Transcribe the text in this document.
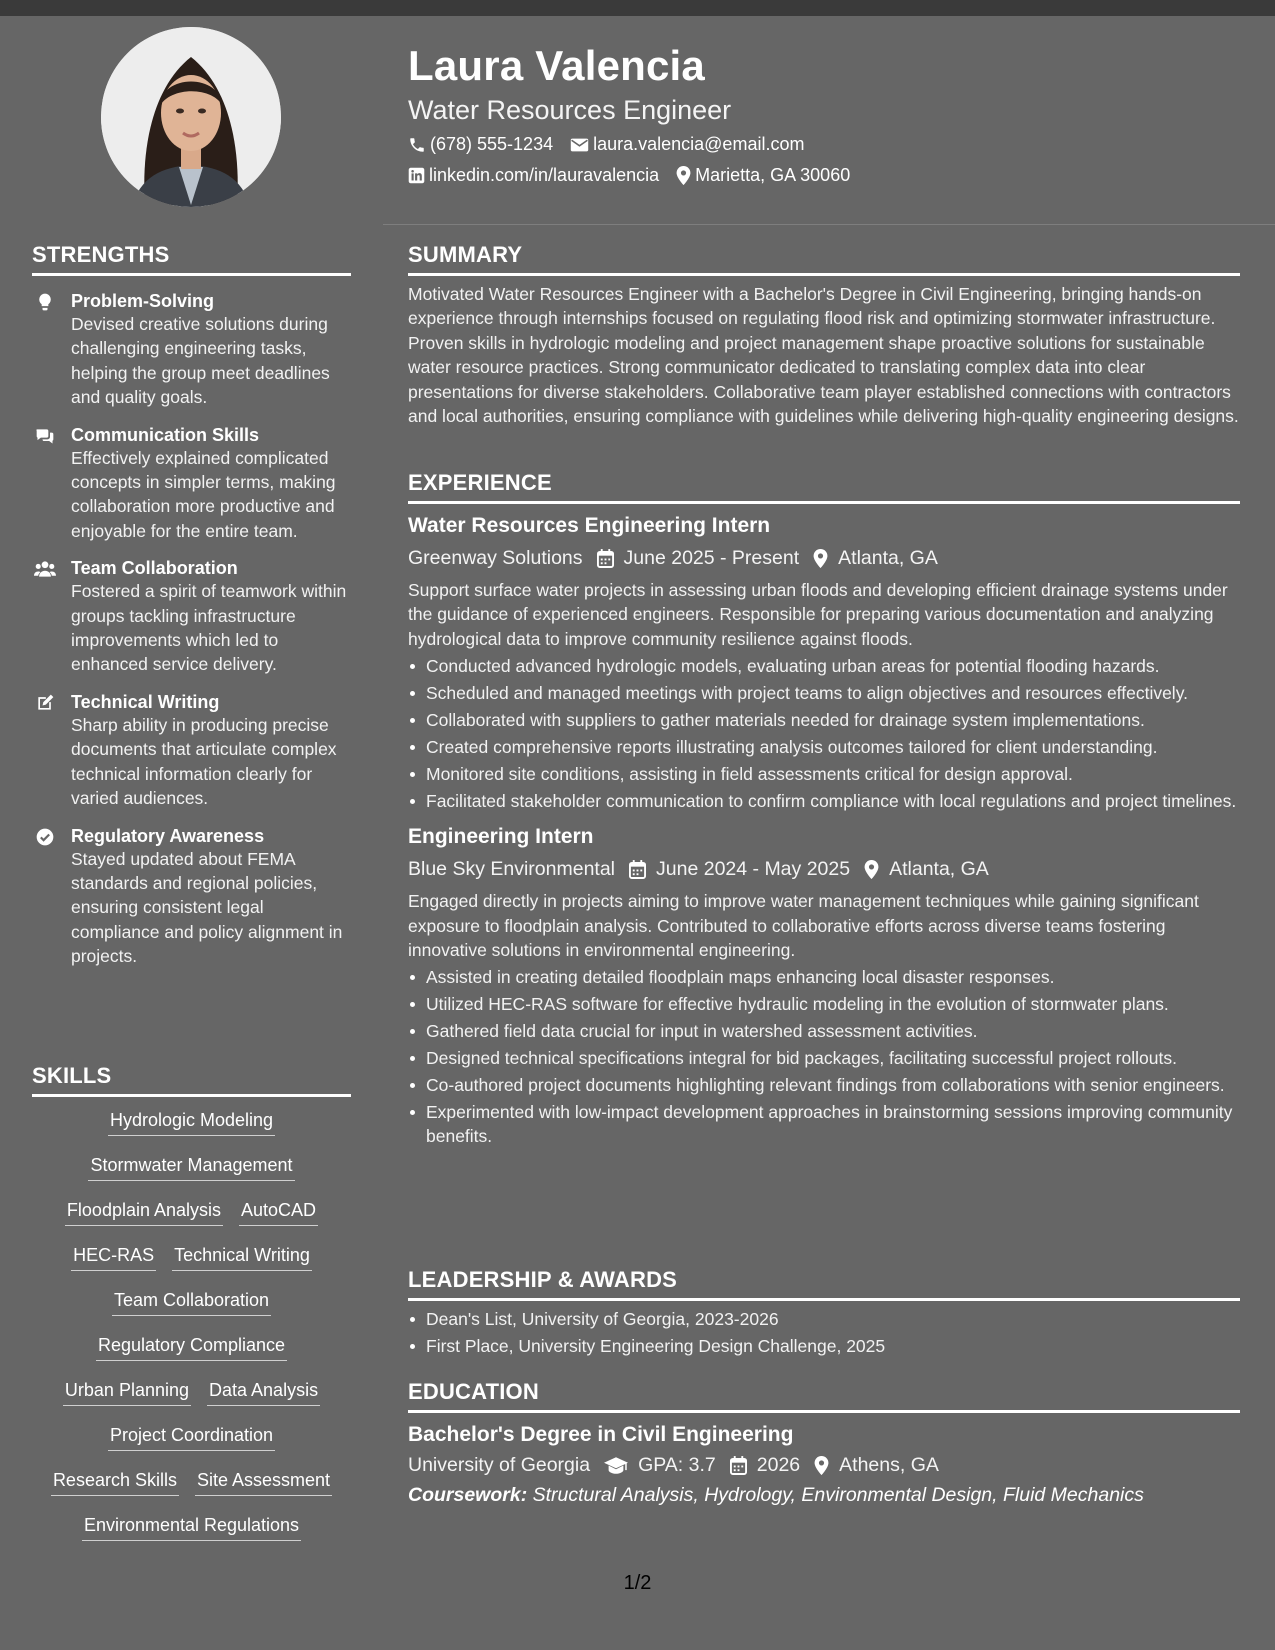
Laura Valencia
Water Resources Engineer
(678) 555-1234 laura.valencia@email.com
linkedin.com/in/lauravalencia Marietta, GA 30060
STRENGTHS
Problem-Solving
Devised creative solutions during challenging engineering tasks, helping the group meet deadlines and quality goals.
Communication Skills
Effectively explained complicated concepts in simpler terms, making collaboration more productive and enjoyable for the entire team.
Team Collaboration
Fostered a spirit of teamwork within groups tackling infrastructure improvements which led to enhanced service delivery.
Technical Writing
Sharp ability in producing precise documents that articulate complex technical information clearly for varied audiences.
Regulatory Awareness
Stayed updated about FEMA standards and regional policies, ensuring consistent legal compliance and policy alignment in projects.
SKILLS
Hydrologic Modeling
Stormwater Management
Floodplain Analysis AutoCAD
HEC-RAS Technical Writing
Team Collaboration
Regulatory Compliance
Urban Planning Data Analysis
Project Coordination
Research Skills Site Assessment
Environmental Regulations
SUMMARY

Motivated Water Resources Engineer with a Bachelor's Degree in Civil Engineering, bringing hands-on experience through internships focused on regulating flood risk and optimizing stormwater infrastructure. Proven skills in hydrologic modeling and project management shape proactive solutions for sustainable water resource practices. Strong communicator dedicated to translating complex data into clear presentations for diverse stakeholders. Collaborative team player established connections with contractors and local authorities, ensuring compliance with guidelines while delivering high-quality engineering designs.

EXPERIENCE
Water Resources Engineering Intern
Greenway Solutions June 2025 - Present Atlanta, GA

Support surface water projects in assessing urban floods and developing efficient drainage systems under the guidance of experienced engineers. Responsible for preparing various documentation and analyzing hydrological data to improve community resilience against floods.

Conducted advanced hydrologic models, evaluating urban areas for potential flooding hazards.
Scheduled and managed meetings with project teams to align objectives and resources effectively.
Collaborated with suppliers to gather materials needed for drainage system implementations.
Created comprehensive reports illustrating analysis outcomes tailored for client understanding.
Monitored site conditions, assisting in field assessments critical for design approval.
Facilitated stakeholder communication to confirm compliance with local regulations and project timelines.
Engineering Intern
Blue Sky Environmental June 2024 - May 2025 Atlanta, GA

Engaged directly in projects aiming to improve water management techniques while gaining significant exposure to floodplain analysis. Contributed to collaborative efforts across diverse teams fostering innovative solutions in environmental engineering.

Assisted in creating detailed floodplain maps enhancing local disaster responses.
Utilized HEC-RAS software for effective hydraulic modeling in the evolution of stormwater plans.
Gathered field data crucial for input in watershed assessment activities.
Designed technical specifications integral for bid packages, facilitating successful project rollouts.
Co-authored project documents highlighting relevant findings from collaborations with senior engineers.
Experimented with low-impact development approaches in brainstorming sessions improving community benefits.
LEADERSHIP & AWARDS
Dean's List, University of Georgia, 2023-2026
First Place, University Engineering Design Challenge, 2025
EDUCATION
Bachelor's Degree in Civil Engineering
University of Georgia GPA: 3.7 2026 Athens, GA
Coursework: Structural Analysis, Hydrology, Environmental Design, Fluid Mechanics
1/2
